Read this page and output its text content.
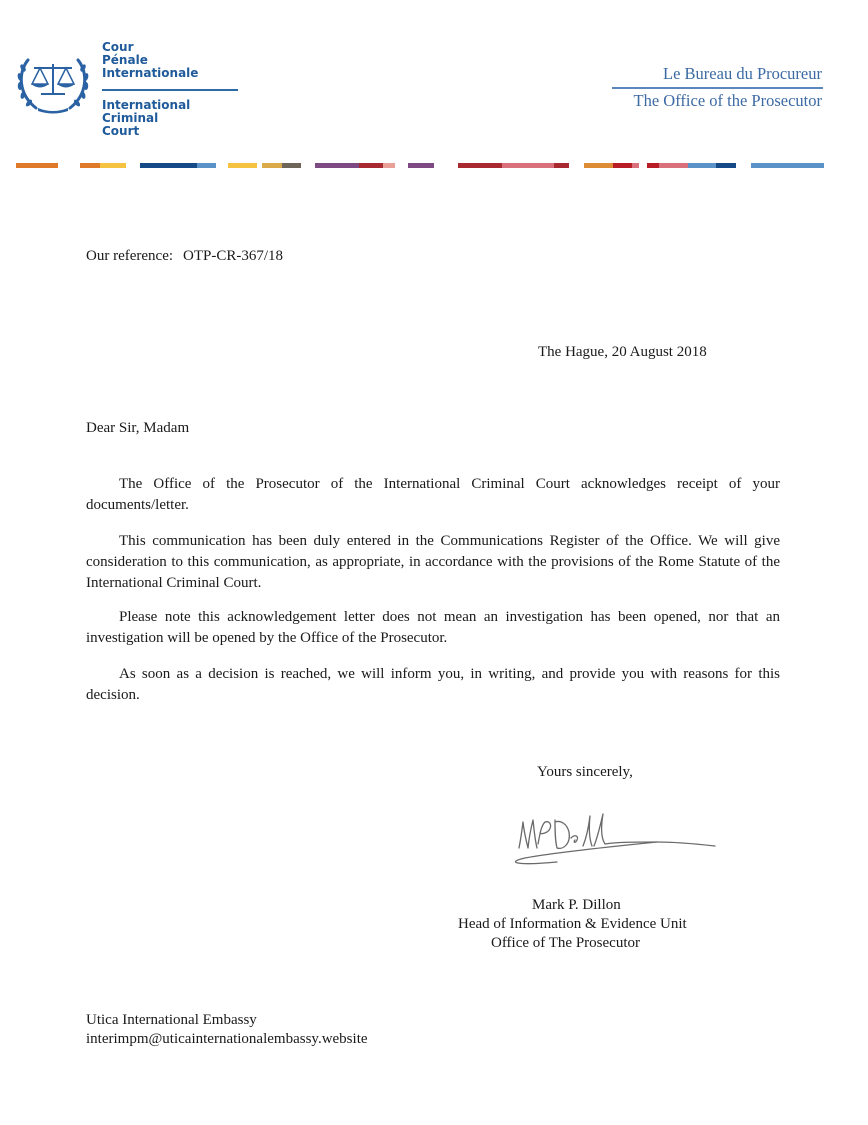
Cour
Pénale
Internationale
International
Criminal
Court
Le Bureau du Procureur
The Office of the Prosecutor
Our reference: OTP-CR-367/18
The Hague, 20 August 2018
Dear Sir, Madam
The Office of the Prosecutor of the International Criminal Court acknowledges receipt of your documents/letter.
This communication has been duly entered in the Communications Register of the Office. We will give consideration to this communication, as appropriate, in accordance with the provisions of the Rome Statute of the International Criminal Court.
Please note this acknowledgement letter does not mean an investigation has been opened, nor that an investigation will be opened by the Office of the Prosecutor.
As soon as a decision is reached, we will inform you, in writing, and provide you with reasons for this decision.
Yours sincerely,
Mark P. Dillon
Head of Information & Evidence Unit
Office of The Prosecutor
Utica International Embassy
interimpm@uticainternationalembassy.website
